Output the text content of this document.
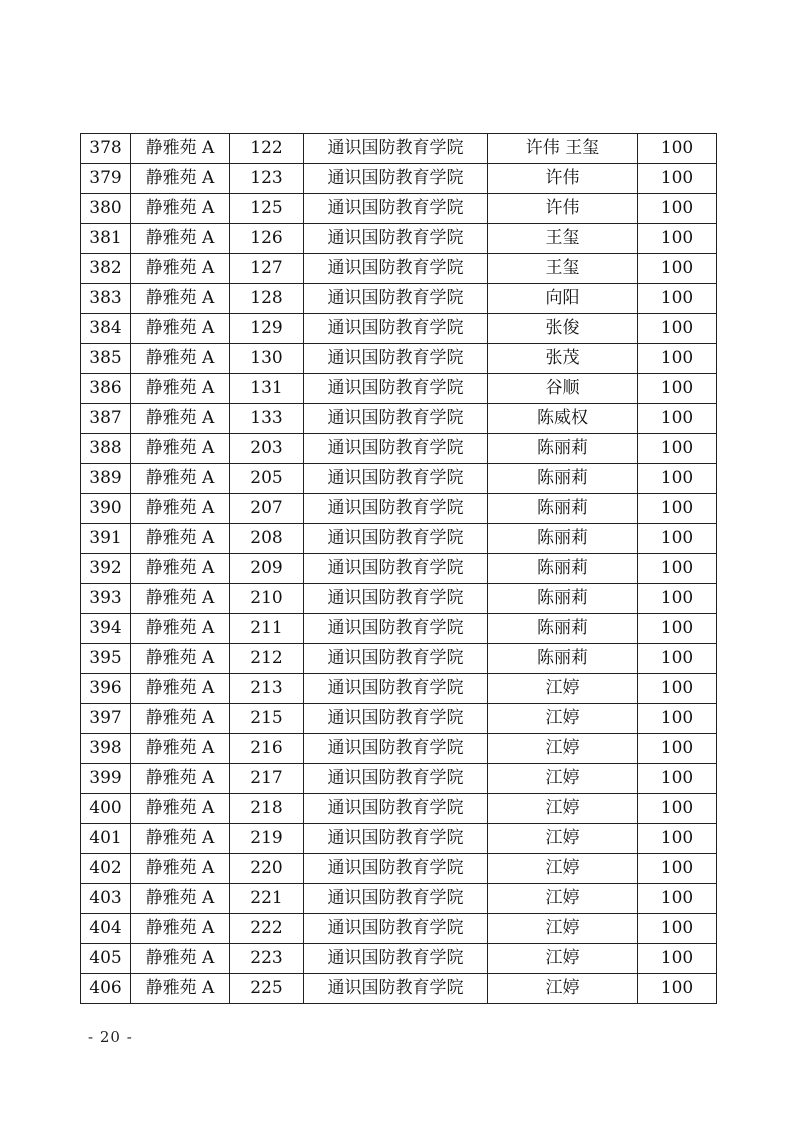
378	静雅苑 A	122	通识国防教育学院	许伟 王玺	100
379	静雅苑 A	123	通识国防教育学院	许伟	100
380	静雅苑 A	125	通识国防教育学院	许伟	100
381	静雅苑 A	126	通识国防教育学院	王玺	100
382	静雅苑 A	127	通识国防教育学院	王玺	100
383	静雅苑 A	128	通识国防教育学院	向阳	100
384	静雅苑 A	129	通识国防教育学院	张俊	100
385	静雅苑 A	130	通识国防教育学院	张茂	100
386	静雅苑 A	131	通识国防教育学院	谷顺	100
387	静雅苑 A	133	通识国防教育学院	陈威权	100
388	静雅苑 A	203	通识国防教育学院	陈丽莉	100
389	静雅苑 A	205	通识国防教育学院	陈丽莉	100
390	静雅苑 A	207	通识国防教育学院	陈丽莉	100
391	静雅苑 A	208	通识国防教育学院	陈丽莉	100
392	静雅苑 A	209	通识国防教育学院	陈丽莉	100
393	静雅苑 A	210	通识国防教育学院	陈丽莉	100
394	静雅苑 A	211	通识国防教育学院	陈丽莉	100
395	静雅苑 A	212	通识国防教育学院	陈丽莉	100
396	静雅苑 A	213	通识国防教育学院	江婷	100
397	静雅苑 A	215	通识国防教育学院	江婷	100
398	静雅苑 A	216	通识国防教育学院	江婷	100
399	静雅苑 A	217	通识国防教育学院	江婷	100
400	静雅苑 A	218	通识国防教育学院	江婷	100
401	静雅苑 A	219	通识国防教育学院	江婷	100
402	静雅苑 A	220	通识国防教育学院	江婷	100
403	静雅苑 A	221	通识国防教育学院	江婷	100
404	静雅苑 A	222	通识国防教育学院	江婷	100
405	静雅苑 A	223	通识国防教育学院	江婷	100
406	静雅苑 A	225	通识国防教育学院	江婷	100
- 20 -
